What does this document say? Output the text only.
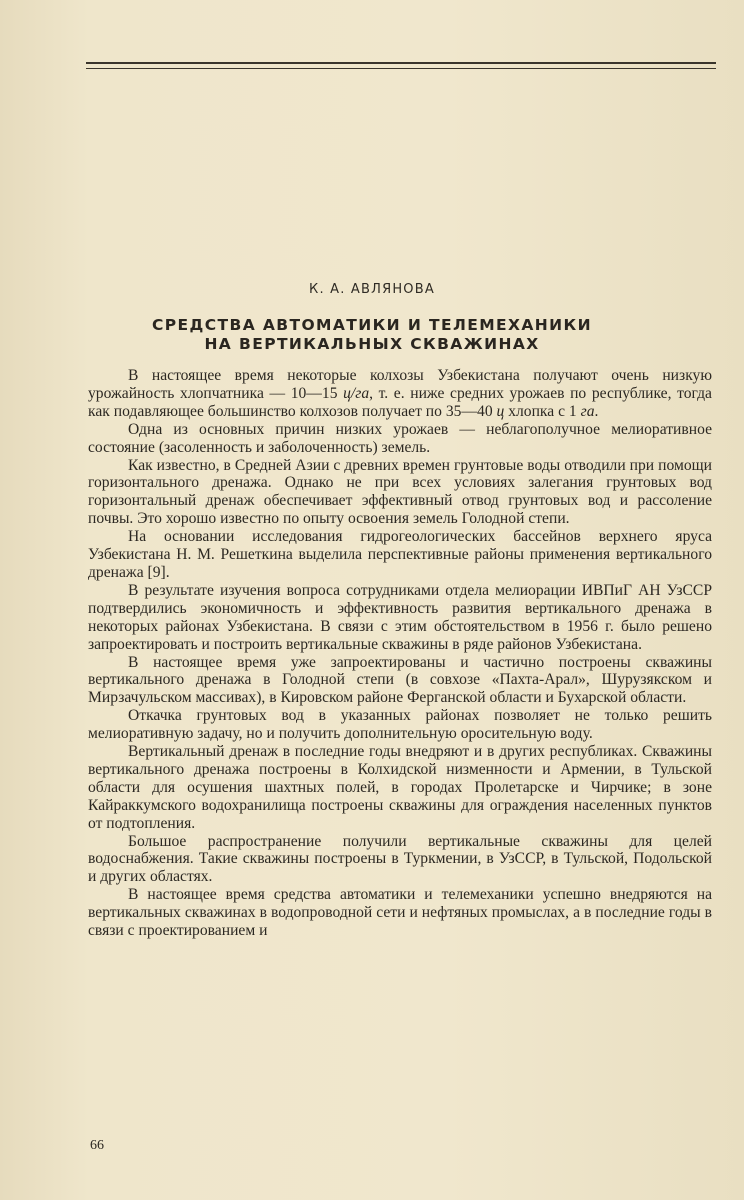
К. А. АВЛЯНОВА
СРЕДСТВА АВТОМАТИКИ И ТЕЛЕМЕХАНИКИ
НА ВЕРТИКАЛЬНЫХ СКВАЖИНАХ

В настоящее время некоторые колхозы Узбекистана получают очень низкую урожайность хлопчатника — 10—15 ц/га, т. е. ниже средних урожаев по республике, тогда как подавляющее большинство колхозов получает по 35—40 ц хлопка с 1 га.

Одна из основных причин низких урожаев — неблагополучное мелиоративное состояние (засоленность и заболоченность) земель.

Как известно, в Средней Азии с древних времен грунтовые воды отводили при помощи горизонтального дренажа. Однако не при всех условиях залегания грунтовых вод горизонтальный дренаж обеспечивает эффективный отвод грунтовых вод и рассоление почвы. Это хорошо известно по опыту освоения земель Голодной степи.

На основании исследования гидрогеологических бассейнов верхнего яруса Узбекистана Н. М. Решеткина выделила перспективные районы применения вертикального дренажа [9].

В результате изучения вопроса сотрудниками отдела мелиорации ИВПиГ АН УзССР подтвердились экономичность и эффективность развития вертикального дренажа в некоторых районах Узбекистана. В связи с этим обстоятельством в 1956 г. было решено запроектировать и построить вертикальные скважины в ряде районов Узбекистана.

В настоящее время уже запроектированы и частично построены скважины вертикального дренажа в Голодной степи (в совхозе «Пахта-Арал», Шурузякском и Мирзачульском массивах), в Кировском районе Ферганской области и Бухарской области.

Откачка грунтовых вод в указанных районах позволяет не только решить мелиоративную задачу, но и получить дополнительную оросительную воду.

Вертикальный дренаж в последние годы внедряют и в других республиках. Скважины вертикального дренажа построены в Колхидской низменности и Армении, в Тульской области для осушения шахтных полей, в городах Пролетарске и Чирчике; в зоне Кайраккумского водохранилища построены скважины для ограждения населенных пунктов от подтопления.

Большое распространение получили вертикальные скважины для целей водоснабжения. Такие скважины построены в Туркмении, в УзССР, в Тульской, Подольской и других областях.

В настоящее время средства автоматики и телемеханики успешно внедряются на вертикальных скважинах в водопроводной сети и нефтяных промыслах, а в последние годы в связи с проектированием и

66
